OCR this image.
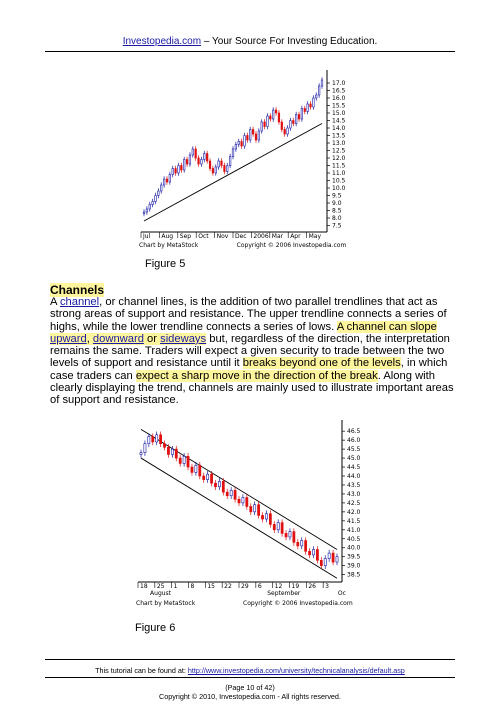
Investopedia.com – Your Source For Investing Education.
17.0
16.5
16.0
15.5
15.0
14.5
14.0
13.5
13.0
12.5
12.0
11.5
11.0
10.5
10.0
9.5
9.0
8.5
8.0
7.5
Jul Aug Sep Oct Nov Dec 2006 Mar Apr May
Chart by MetaStock	Copyright © 2006 Investopedia.com
Figure 5
Channels
A channel, or channel lines, is the addition of two parallel trendlines that act as strong areas of support and resistance. The upper trendline connects a series of highs, while the lower trendline connects a series of lows. A channel can slope upward, downward or sideways but, regardless of the direction, the interpretation remains the same. Traders will expect a given security to trade between the two levels of support and resistance until it breaks beyond one of the levels, in which case traders can expect a sharp move in the direction of the break. Along with clearly displaying the trend, channels are mainly used to illustrate important areas of support and resistance.
46.5
46.0
45.5
45.0
44.5
44.0
43.5
43.0
42.5
42.0
41.5
41.0
40.5
40.0
39.5
39.0
38.5
18 25 1 8 15 22 29 6 12 19 26 3
August	September	Oc
Chart by MetaStock	Copyright © 2006 Investopedia.com
Figure 6
This tutorial can be found at: http://www.investopedia.com/university/technicalanalysis/default.asp
(Page 10 of 42)
Copyright © 2010, Investopedia.com - All rights reserved.
